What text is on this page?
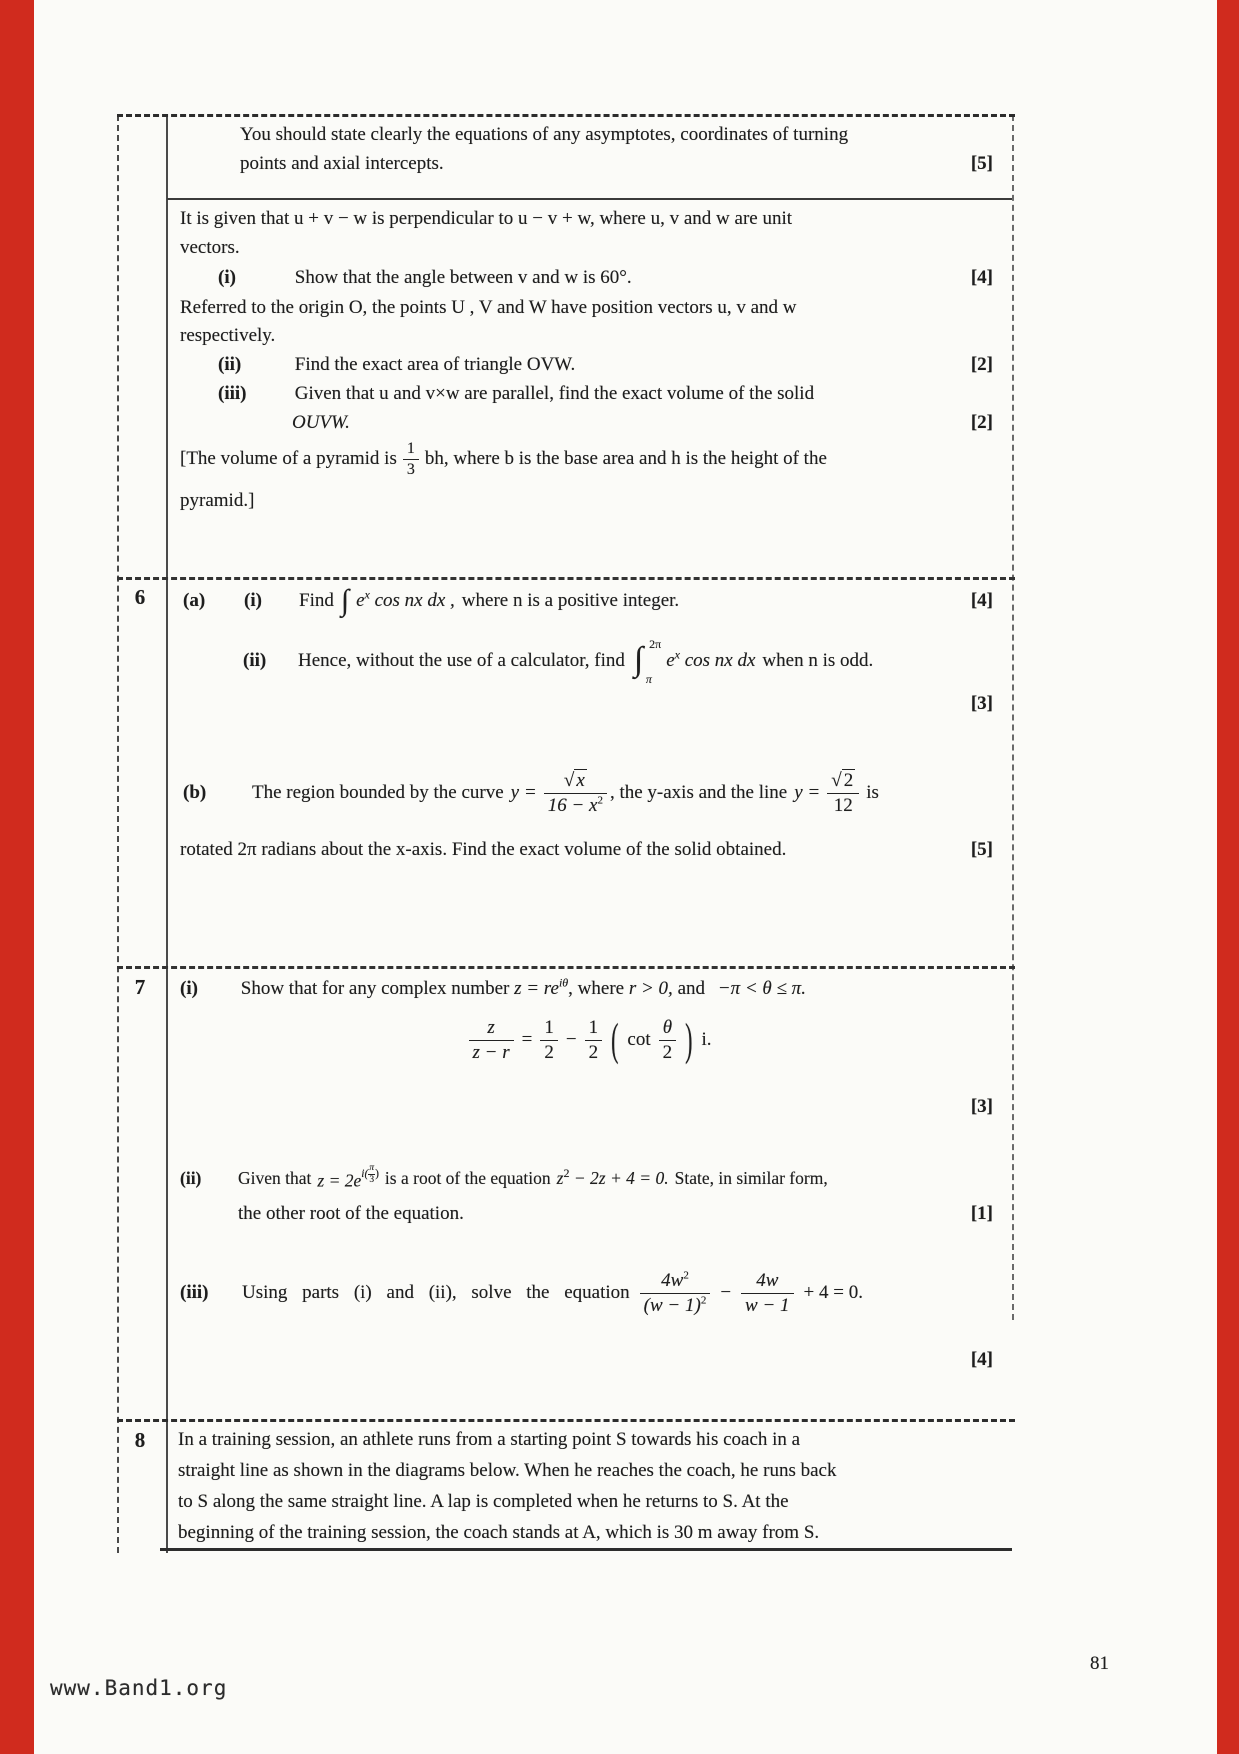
You should state clearly the equations of any asymptotes, coordinates of turning
points and axial intercepts.	[5]
It is given that u + v − w is perpendicular to u − v + w, where u, v and w are unit
vectors.
(i)	Show that the angle between v and w is 60°.	[4]
Referred to the origin O, the points U , V and W have position vectors u, v and w
respectively.
(ii)	Find the exact area of triangle OVW.	[2]
(iii)	Given that u and v×w are parallel, find the exact volume of the solid
OUVW.	[2]
[The volume of a pyramid is $\frac{1}{3}$ bh, where b is the base area and h is the height of the
pyramid.]
6	(a)	(i)	Find ∫ $e^x$ cos nx dx , where n is a positive integer.	[4]
(ii)	Hence, without the use of a calculator, find ∫ 2π
π
$e^x$ cos nx dx when n is odd.
[3]
(b)	The region bounded by the curve $y = \frac{√ x}{16 - x^2}$ , the y-axis and the line $y = \frac{√ 2}{12}$ is
rotated 2π radians about the x-axis. Find the exact volume of the solid obtained.	[5]
7	(i) Show that for any complex number $z = re^{i\theta}$, where r > 0, and −π < θ ≤ π.
$\frac{z}{z - r} = \frac{1}{2} - \frac{1}{2}$ ( $\cot \frac{\theta}{2}$ ) i.
[3]
(ii)	Given that $z = 2e^{i( \frac{\pi}{3} )}$ is a root of the equation $z^2 - 2z + 4 = 0$. State, in similar form,
the other root of the equation.	[1]
(iii)	Using parts (i) and (ii), solve the equation $\frac{4w^2}{(w - 1)^2} - \frac{4w}{w - 1} + 4 = 0$.
[4]
8	In a training session, an athlete runs from a starting point S towards his coach in a
straight line as shown in the diagrams below. When he reaches the coach, he runs back
to S along the same straight line. A lap is completed when he returns to S. At the
beginning of the training session, the coach stands at A, which is 30 m away from S.
81
www.Band1.org
